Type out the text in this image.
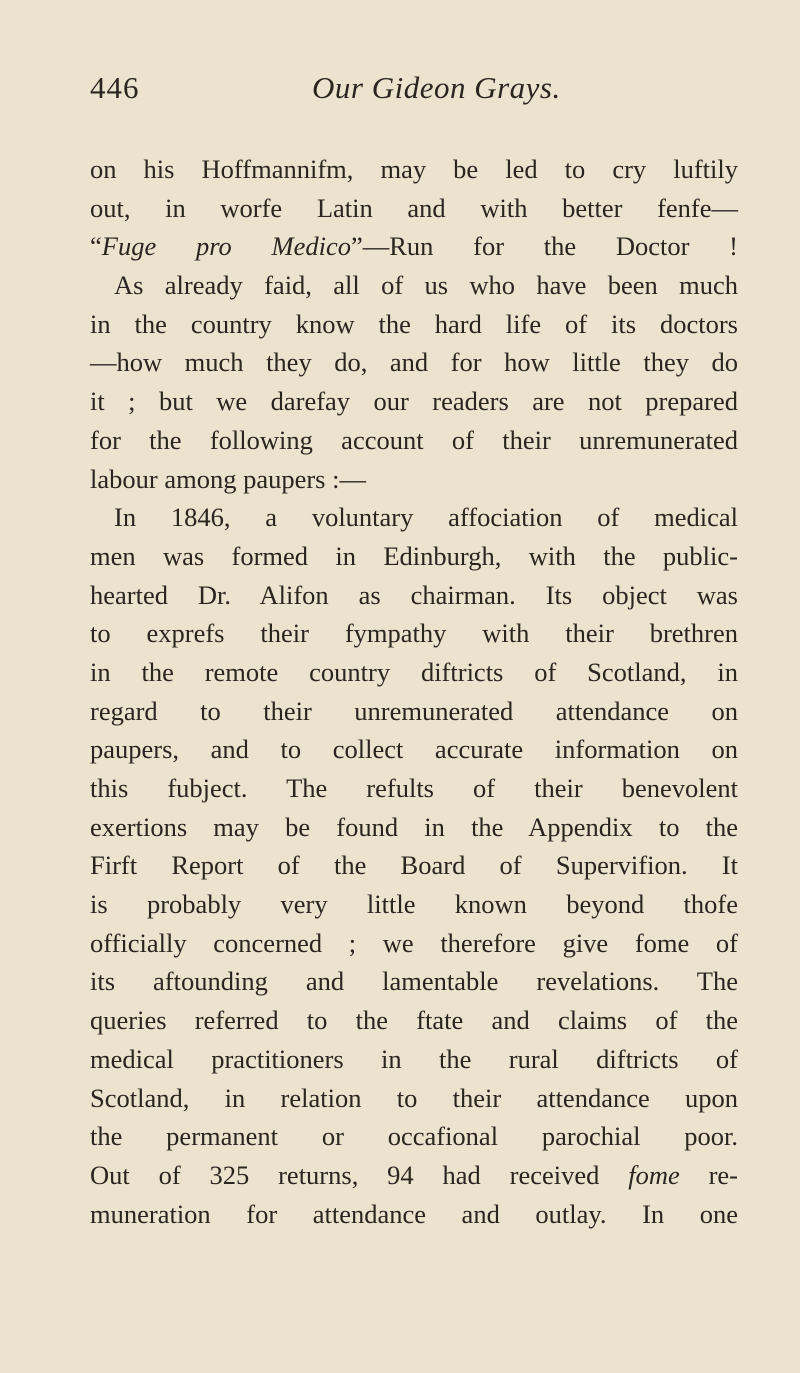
446	Our Gideon Grays.
on his Hoffmannifm, may be led to cry luftily
out, in worfe Latin and with better fenfe—
“Fuge pro Medico”—Run for the Doctor !
As already faid, all of us who have been much
in the country know the hard life of its doctors
—how much they do, and for how little they do
it ; but we darefay our readers are not prepared
for the following account of their unremunerated
labour among paupers :—
In 1846, a voluntary affociation of medical
men was formed in Edinburgh, with the public-
hearted Dr. Alifon as chairman. Its object was
to exprefs their fympathy with their brethren
in the remote country diftricts of Scotland, in
regard to their unremunerated attendance on
paupers, and to collect accurate information on
this fubject. The refults of their benevolent
exertions may be found in the Appendix to the
Firft Report of the Board of Supervifion. It
is probably very little known beyond thofe
officially concerned ; we therefore give fome of
its aftounding and lamentable revelations. The
queries referred to the ftate and claims of the
medical practitioners in the rural diftricts of
Scotland, in relation to their attendance upon
the permanent or occafional parochial poor.
Out of 325 returns, 94 had received fome re-
muneration for attendance and outlay. In one
